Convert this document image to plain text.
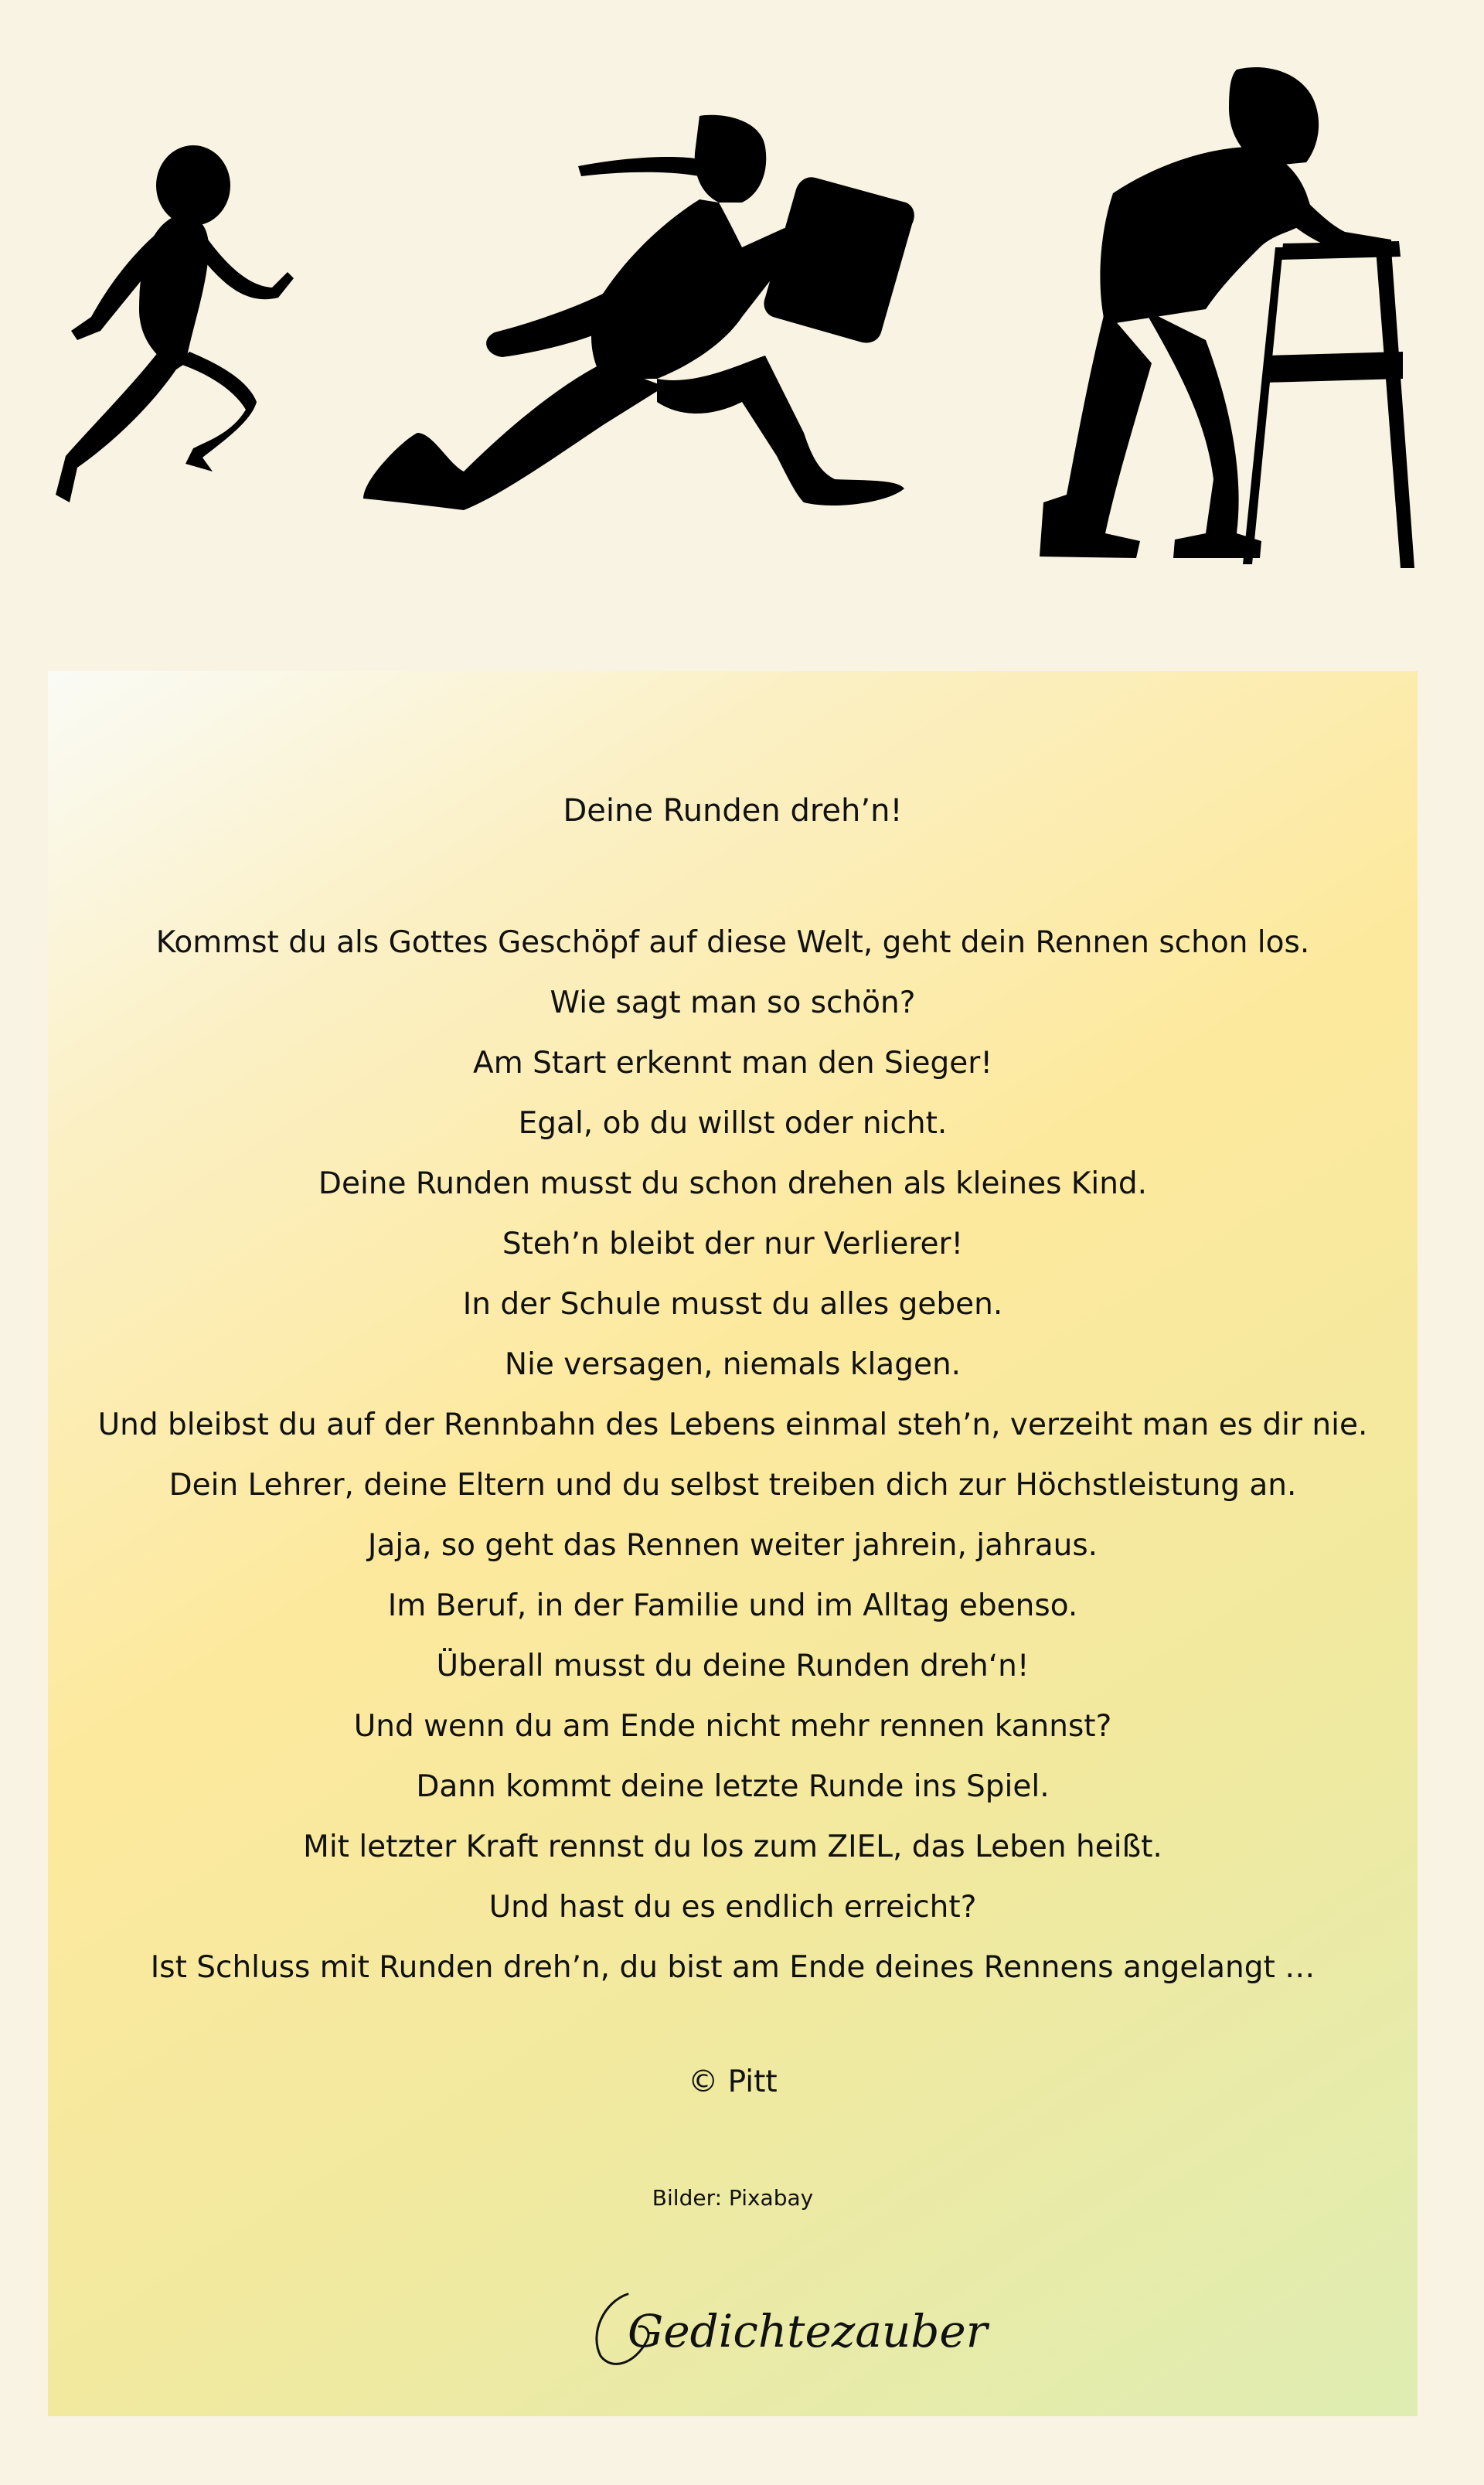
Deine Runden dreh’n!
Kommst du als Gottes Geschöpf auf diese Welt, geht dein Rennen schon los.
Wie sagt man so schön?
Am Start erkennt man den Sieger!
Egal, ob du willst oder nicht.
Deine Runden musst du schon drehen als kleines Kind.
Steh’n bleibt der nur Verlierer!
In der Schule musst du alles geben.
Nie versagen, niemals klagen.
Und bleibst du auf der Rennbahn des Lebens einmal steh’n, verzeiht man es dir nie.
Dein Lehrer, deine Eltern und du selbst treiben dich zur Höchstleistung an.
Jaja, so geht das Rennen weiter jahrein, jahraus.
Im Beruf, in der Familie und im Alltag ebenso.
Überall musst du deine Runden dreh‘n!
Und wenn du am Ende nicht mehr rennen kannst?
Dann kommt deine letzte Runde ins Spiel.
Mit letzter Kraft rennst du los zum ZIEL, das Leben heißt.
Und hast du es endlich erreicht?
Ist Schluss mit Runden dreh’n, du bist am Ende deines Rennens angelangt …
© Pitt
Bilder: Pixabay
Gedichtezauber
